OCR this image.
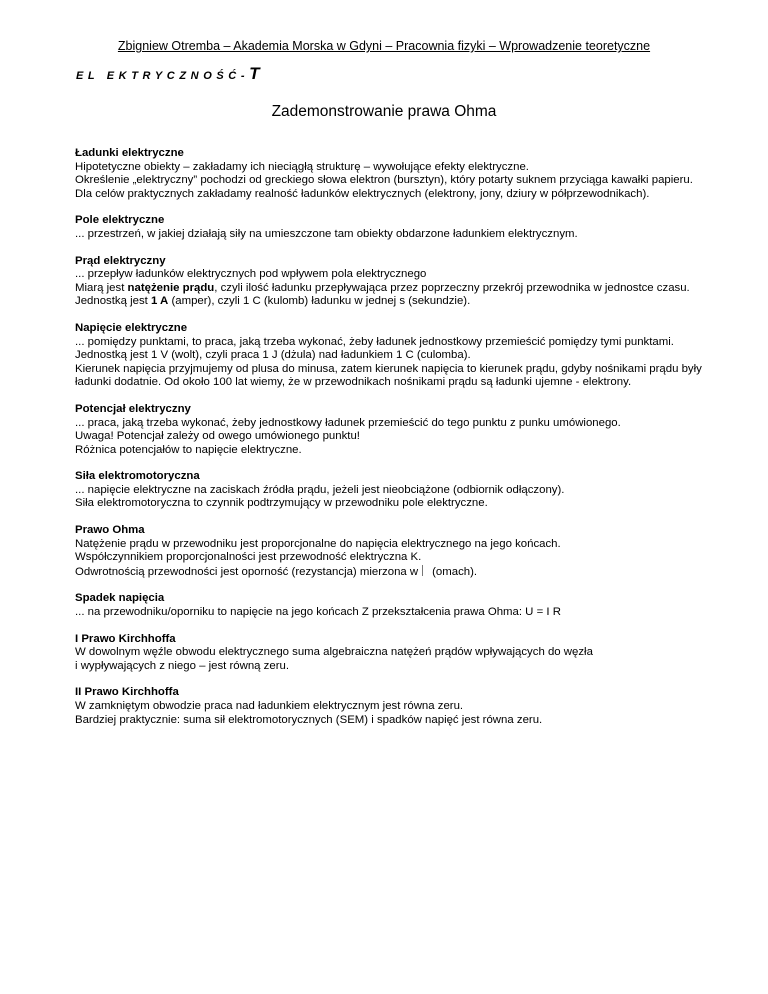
Zbigniew Otremba – Akademia Morska w Gdyni – Pracownia fizyki – Wprowadzenie teoretyczne
EL EKTRYCZNOŚĆ-T
Zademonstrowanie prawa Ohma
Ładunki elektryczne

Hipotetyczne obiekty – zakładamy ich nieciągłą strukturę – wywołujące efekty elektryczne.

Określenie „elektryczny” pochodzi od greckiego słowa elektron (bursztyn), który potarty suknem przyciąga kawałki papieru.

Dla celów praktycznych zakładamy realność ładunków elektrycznych (elektrony, jony, dziury w półprzewodnikach).

Pole elektryczne

... przestrzeń, w jakiej działają siły na umieszczone tam obiekty obdarzone ładunkiem elektrycznym.

Prąd elektryczny

... przepływ ładunków elektrycznych pod wpływem pola elektrycznego

Miarą jest natężenie prądu, czyli ilość ładunku przepływająca przez poprzeczny przekrój przewodnika w jednostce czasu.

Jednostką jest 1 A (amper), czyli 1 C (kulomb) ładunku w jednej s (sekundzie).

Napięcie elektryczne

... pomiędzy punktami, to praca, jaką trzeba wykonać, żeby ładunek jednostkowy przemieścić pomiędzy tymi punktami.

Jednostką jest 1 V (wolt), czyli praca 1 J (dżula) nad ładunkiem 1 C (culomba).

Kierunek napięcia przyjmujemy od plusa do minusa, zatem kierunek napięcia to kierunek prądu, gdyby nośnikami prądu były

ładunki dodatnie. Od około 100 lat wiemy, że w przewodnikach nośnikami prądu są ładunki ujemne - elektrony.

Potencjał elektryczny

... praca, jaką trzeba wykonać, żeby jednostkowy ładunek przemieścić do tego punktu z punku umówionego.

Uwaga! Potencjał zależy od owego umówionego punktu!

Różnica potencjałów to napięcie elektryczne.

Siła elektromotoryczna

... napięcie elektryczne na zaciskach źródła prądu, jeżeli jest nieobciążone (odbiornik odłączony).

Siła elektromotoryczna to czynnik podtrzymujący w przewodniku pole elektryczne.

Prawo Ohma

Natężenie prądu w przewodniku jest proporcjonalne do napięcia elektrycznego na jego końcach.

Współczynnikiem proporcjonalności jest przewodność elektryczna K.

Odwrotnością przewodności jest oporność (rezystancja) mierzona w (omach).

Spadek napięcia

... na przewodniku/oporniku to napięcie na jego końcach Z przekształcenia prawa Ohma: U = I R

I Prawo Kirchhoffa

W dowolnym węźle obwodu elektrycznego suma algebraiczna natężeń prądów wpływających do węzła

i wypływających z niego – jest równą zeru.

II Prawo Kirchhoffa

W zamkniętym obwodzie praca nad ładunkiem elektrycznym jest równa zeru.

Bardziej praktycznie: suma sił elektromotorycznych (SEM) i spadków napięć jest równa zeru.
